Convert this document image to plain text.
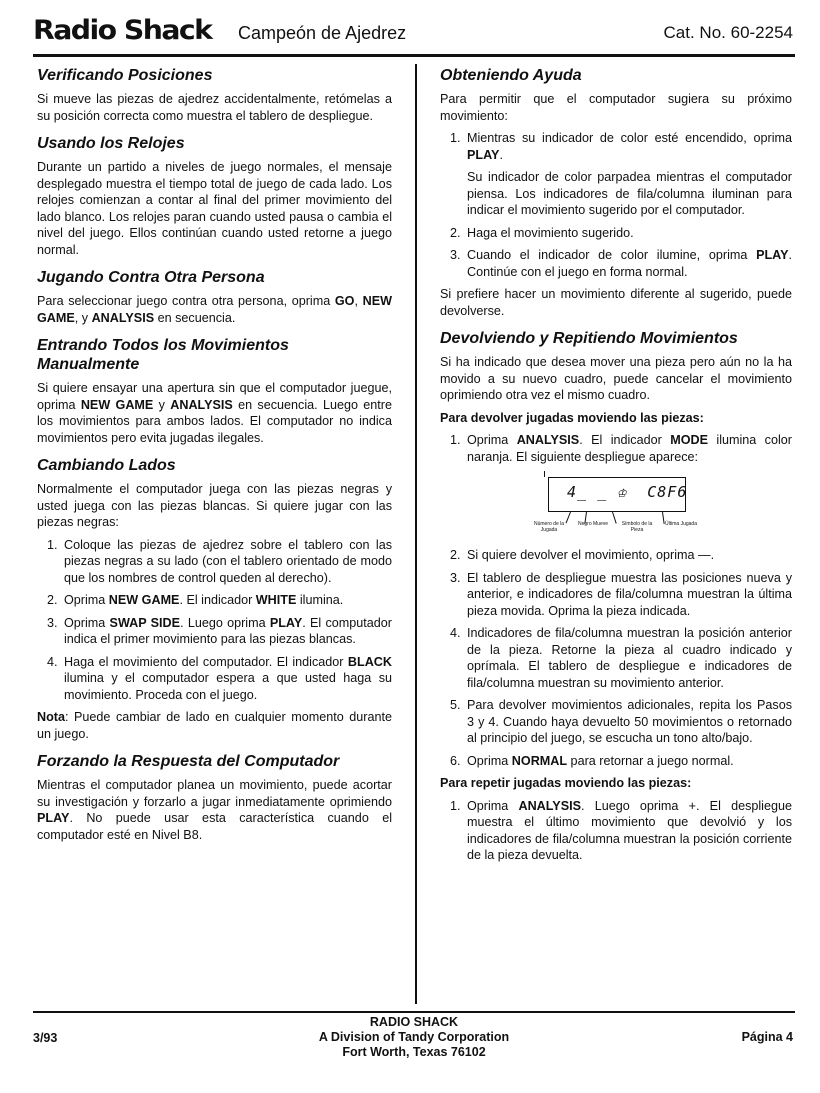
Radio Shack Campeón de Ajedrez	Cat. No. 60-2254
Verificando Posiciones

Si mueve las piezas de ajedrez accidentalmente, retómelas a su posición correcta como muestra el tablero de despliegue.

Usando los Relojes

Durante un partido a niveles de juego normales, el mensaje desplegado muestra el tiempo total de juego de cada lado. Los relojes comienzan a contar al final del primer movimiento del lado blanco. Los relojes paran cuando usted pausa o cambia el nivel del juego. Ellos continúan cuando usted retorne a juego normal.

Jugando Contra Otra Persona

Para seleccionar juego contra otra persona, oprima GO, NEW GAME, y ANALYSIS en secuencia.

Entrando Todos los Movimientos Manualmente

Si quiere ensayar una apertura sin que el computador juegue, oprima NEW GAME y ANALYSIS en secuencia. Luego entre los movimientos para ambos lados. El computador no indica movimientos pero evita jugadas ilegales.

Cambiando Lados

Normalmente el computador juega con las piezas negras y usted juega con las piezas blancas. Si quiere jugar con las piezas negras:

1. Coloque las piezas de ajedrez sobre el tablero con las piezas negras a su lado (con el tablero orientado de modo que los nombres de control queden al derecho).
2. Oprima NEW GAME. El indicador WHITE ilumina.
3. Oprima SWAP SIDE. Luego oprima PLAY. El computador indica el primer movimiento para las piezas blancas.
4. Haga el movimiento del computador. El indicador BLACK ilumina y el computador espera a que usted haga su movimiento. Proceda con el juego.

Nota: Puede cambiar de lado en cualquier momento durante un juego.

Forzando la Respuesta del Computador

Mientras el computador planea un movimiento, puede acortar su investigación y forzarlo a jugar inmediatamente oprimiendo PLAY. No puede usar esta característica cuando el computador esté en Nivel B8.

Obteniendo Ayuda

Para permitir que el computador sugiera su próximo movimiento:

1. Mientras su indicador de color esté encendido, oprima PLAY.
Su indicador de color parpadea mientras el computador piensa. Los indicadores de fila/columna iluminan para indicar el movimiento sugerido por el computador.
2. Haga el movimiento sugerido.
3. Cuando el indicador de color ilumine, oprima PLAY. Continúe con el juego en forma normal.

Si prefiere hacer un movimiento diferente al sugerido, puede devolverse.

Devolviendo y Repitiendo Movimientos

Si ha indicado que desea mover una pieza pero aún no la ha movido a su nuevo cuadro, puede cancelar el movimiento oprimiendo otra vez el mismo cuadro.

Para devolver jugadas moviendo las piezas:
1. Oprima ANALYSIS. El indicador MODE ilumina color naranja. El siguiente despliegue aparece:
4_ _ ♔  C8F6
Número de la Jugada
Negro Mueve	Símbolo de la Pieza
Última Jugada
2. Si quiere devolver el movimiento, oprima —.
3. El tablero de despliegue muestra las posiciones nueva y anterior, e indicadores de fila/columna muestran la última pieza movida. Oprima la pieza indicada.
4. Indicadores de fila/columna muestran la posición anterior de la pieza. Retorne la pieza al cuadro indicado y oprímala. El tablero de despliegue e indicadores de fila/columna muestran su movimiento anterior.
5. Para devolver movimientos adicionales, repita los Pasos 3 y 4. Cuando haya devuelto 50 movimientos o retornado al principio del juego, se escucha un tono alto/bajo.
6. Oprima NORMAL para retornar a juego normal.
Para repetir jugadas moviendo las piezas:
1. Oprima ANALYSIS. Luego oprima +. El despliegue muestra el último movimiento que devolvió y los indicadores de fila/columna muestran la posición corriente de la pieza devuelta.
RADIO SHACK
A Division of Tandy Corporation
Fort Worth, Texas 76102
3/93	Página 4
